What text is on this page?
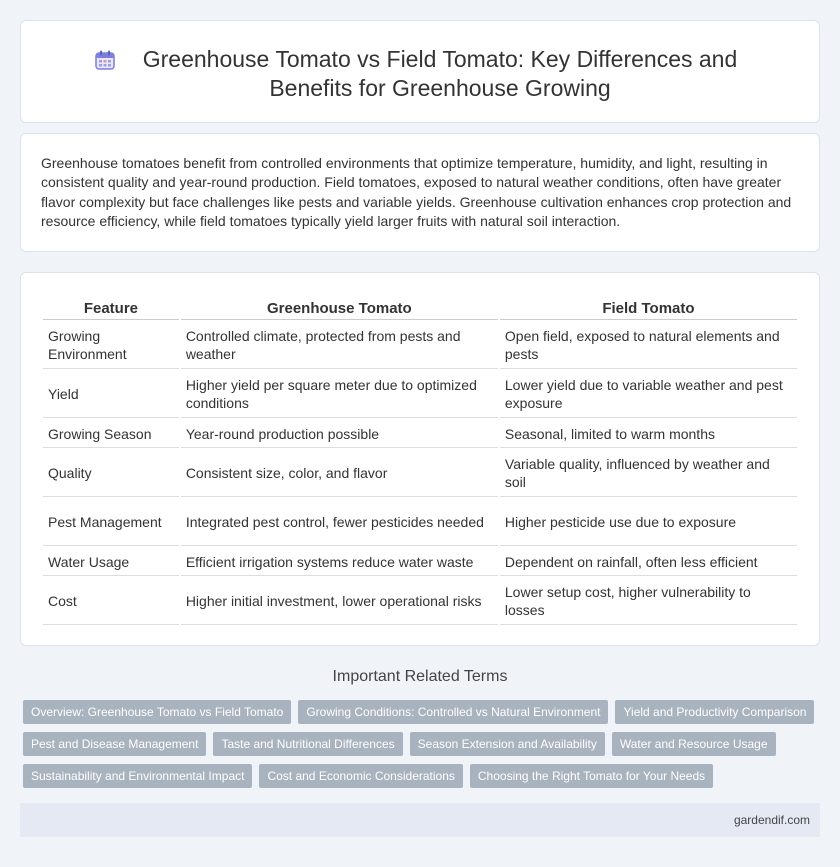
Greenhouse Tomato vs Field Tomato: Key Differences and Benefits for Greenhouse Growing

Greenhouse tomatoes benefit from controlled environments that optimize temperature, humidity, and light, resulting in consistent quality and year-round production. Field tomatoes, exposed to natural weather conditions, often have greater flavor complexity but face challenges like pests and variable yields. Greenhouse cultivation enhances crop protection and resource efficiency, while field tomatoes typically yield larger fruits with natural soil interaction.

Feature	Greenhouse Tomato	Field Tomato
Growing Environment	Controlled climate, protected from pests and weather	Open field, exposed to natural elements and pests
Yield	Higher yield per square meter due to optimized conditions	Lower yield due to variable weather and pest exposure
Growing Season	Year-round production possible	Seasonal, limited to warm months
Quality	Consistent size, color, and flavor	Variable quality, influenced by weather and soil
Pest Management	Integrated pest control, fewer pesticides needed	Higher pesticide use due to exposure
Water Usage	Efficient irrigation systems reduce water waste	Dependent on rainfall, often less efficient
Cost	Higher initial investment, lower operational risks	Lower setup cost, higher vulnerability to losses
Important Related Terms
Overview: Greenhouse Tomato vs Field Tomato	Growing Conditions: Controlled vs Natural Environment	Yield and Productivity Comparison
Pest and Disease Management	Taste and Nutritional Differences	Season Extension and Availability	Water and Resource Usage
Sustainability and Environmental Impact	Cost and Economic Considerations	Choosing the Right Tomato for Your Needs
gardendif.com
